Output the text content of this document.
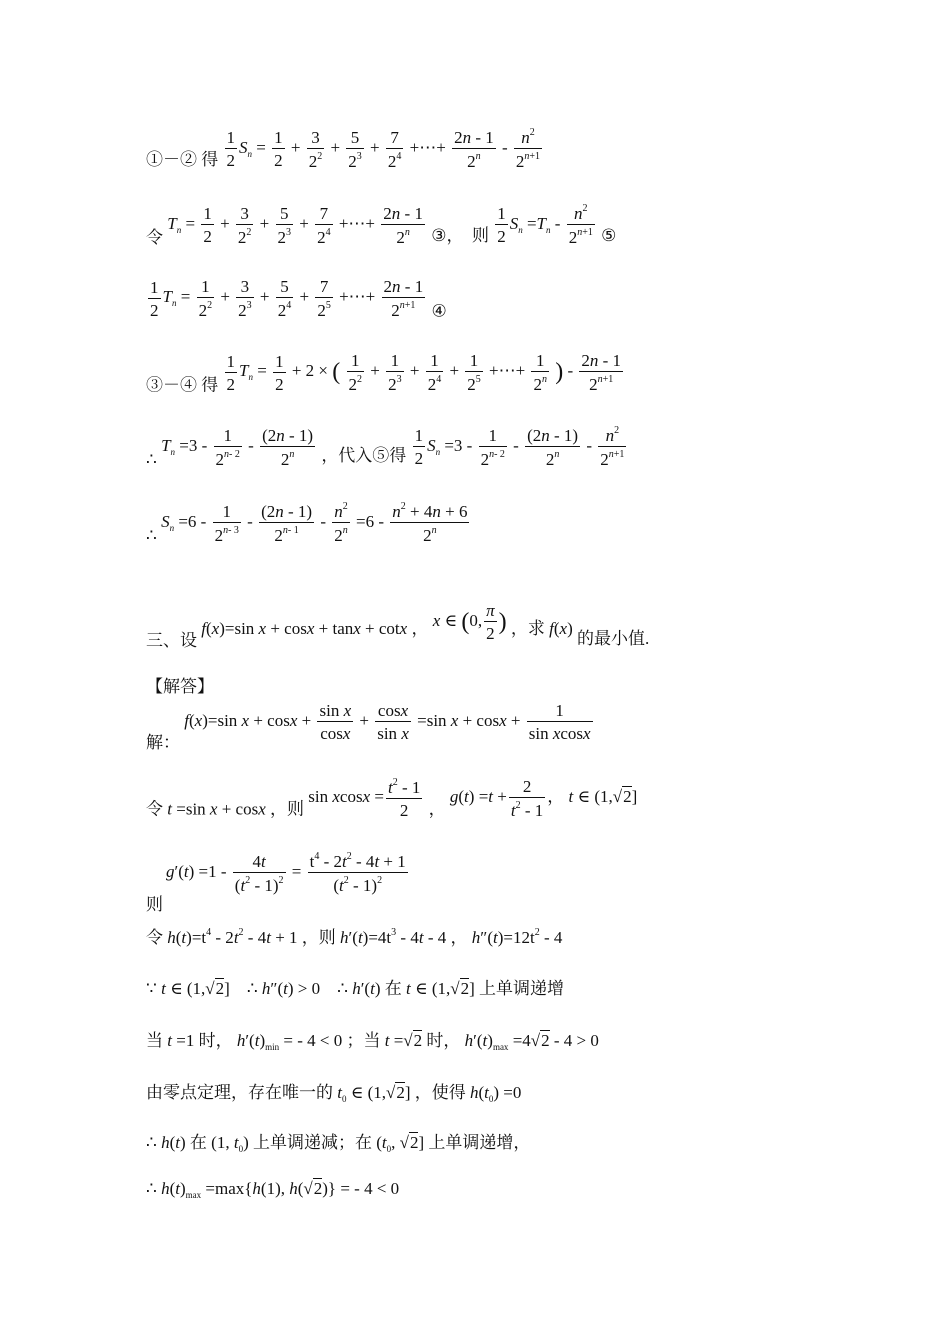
①－② 得 $\frac{1}{2} S_n = \frac{1}{2} + \frac{3}{2^2} + \frac{5}{2^3} + \frac{7}{2^4}$ +⋯+ $\frac{2n - 1}{2^n} - \frac{n^2}{2^{n+1}}$
令 $T_n = \frac{1}{2} + \frac{3}{2^2} + \frac{5}{2^3} + \frac{7}{2^4}$ +⋯+ $\frac{2n - 1}{2^n}$ ③，　则 $\frac{1}{2} S_n =T_n - \frac{n^2}{2^{n+1}}$ ⑤
$\frac{1}{2} T_n = \frac{1}{2^2} + \frac{3}{2^3} + \frac{5}{2^4} + \frac{7}{2^5}$ +⋯+ $\frac{2n - 1}{2^{n+1}}$ ④
③－④ 得 $\frac{1}{2} T_n = \frac{1}{2} + 2$ × ( $\frac{1}{2^2} + \frac{1}{2^3} + \frac{1}{2^4} + \frac{1}{2^5}$ +⋯+ $\frac{1}{2^n}$ ) - $\frac{2n - 1}{2^{n+1}}$
∴ $T_n =3 - \frac{1}{2^{n- 2}} - \frac{(2n - 1)}{2^n}$ ，代入⑤得 $\frac{1}{2} S_n =3 - \frac{1}{2^{n- 2}} - \frac{(2n - 1)}{2^n} - \frac{n^2}{2^{n+1}}$
∴ $S_n =6 - \frac{1}{2^{n- 3}} - \frac{(2n - 1)}{2^{n- 1}} - \frac{n^2}{2^n} =6 - \frac{n^2 + 4n + 6}{2^n}$
三、设 f(x)=sin x + cosx + tanx + cotx ， x ∈ (0, $\frac{\pi}{2}$ ) ，求 f(x) 的最小值.
【解答】
解： f(x)=sin $x + \cos x + \frac{\text{sin x}}{\cos x} + \frac{\cos x}{\text{sin x}} =\sin$ $x + \cos x + \frac{1}{\text{sin xcosx}}$
令 t =sin x + cosx ，则 $\sin xcosx = \frac{t^2 - 1}{2}$ ， $g(t) =t + \frac{2}{t^2 - 1}$ ， t ∈ (1,√2]
$g'(t) =1 - \frac{4t}{(t^2 - 1)^2} = \frac{t^4 - 2t^2 - 4t + 1}{(t^2 - 1)^2}$
则
令 $h(t)=t^4 - 2t^2 - 4t + 1$ ，则 $h'(t)=4t^3 - 4t - 4$ ， $h''(t)=12t^2 - 4$
∵ t ∈ (1,√2] ∴ h″(t) > 0 ∴ h′(t) 在 t ∈ (1,√2] 上单调递增
当 t =1 时， $h'(t)_{min}$ = - 4 < 0 ；当 t =√2 时， $h'(t)_{max} =4√2 - 4 > 0$
由零点定理，存在唯一的 $t_0$ ∈ (1,√2] ，使得 $h(t_0) =0$
∴ h(t) 在 (1, $t_0$) 上单调递减；在 ($t_0$, √2] 上单调递增，
∴ $h(t)_{max} =\max\{h(1)$, h(√2)} = - 4 < 0
